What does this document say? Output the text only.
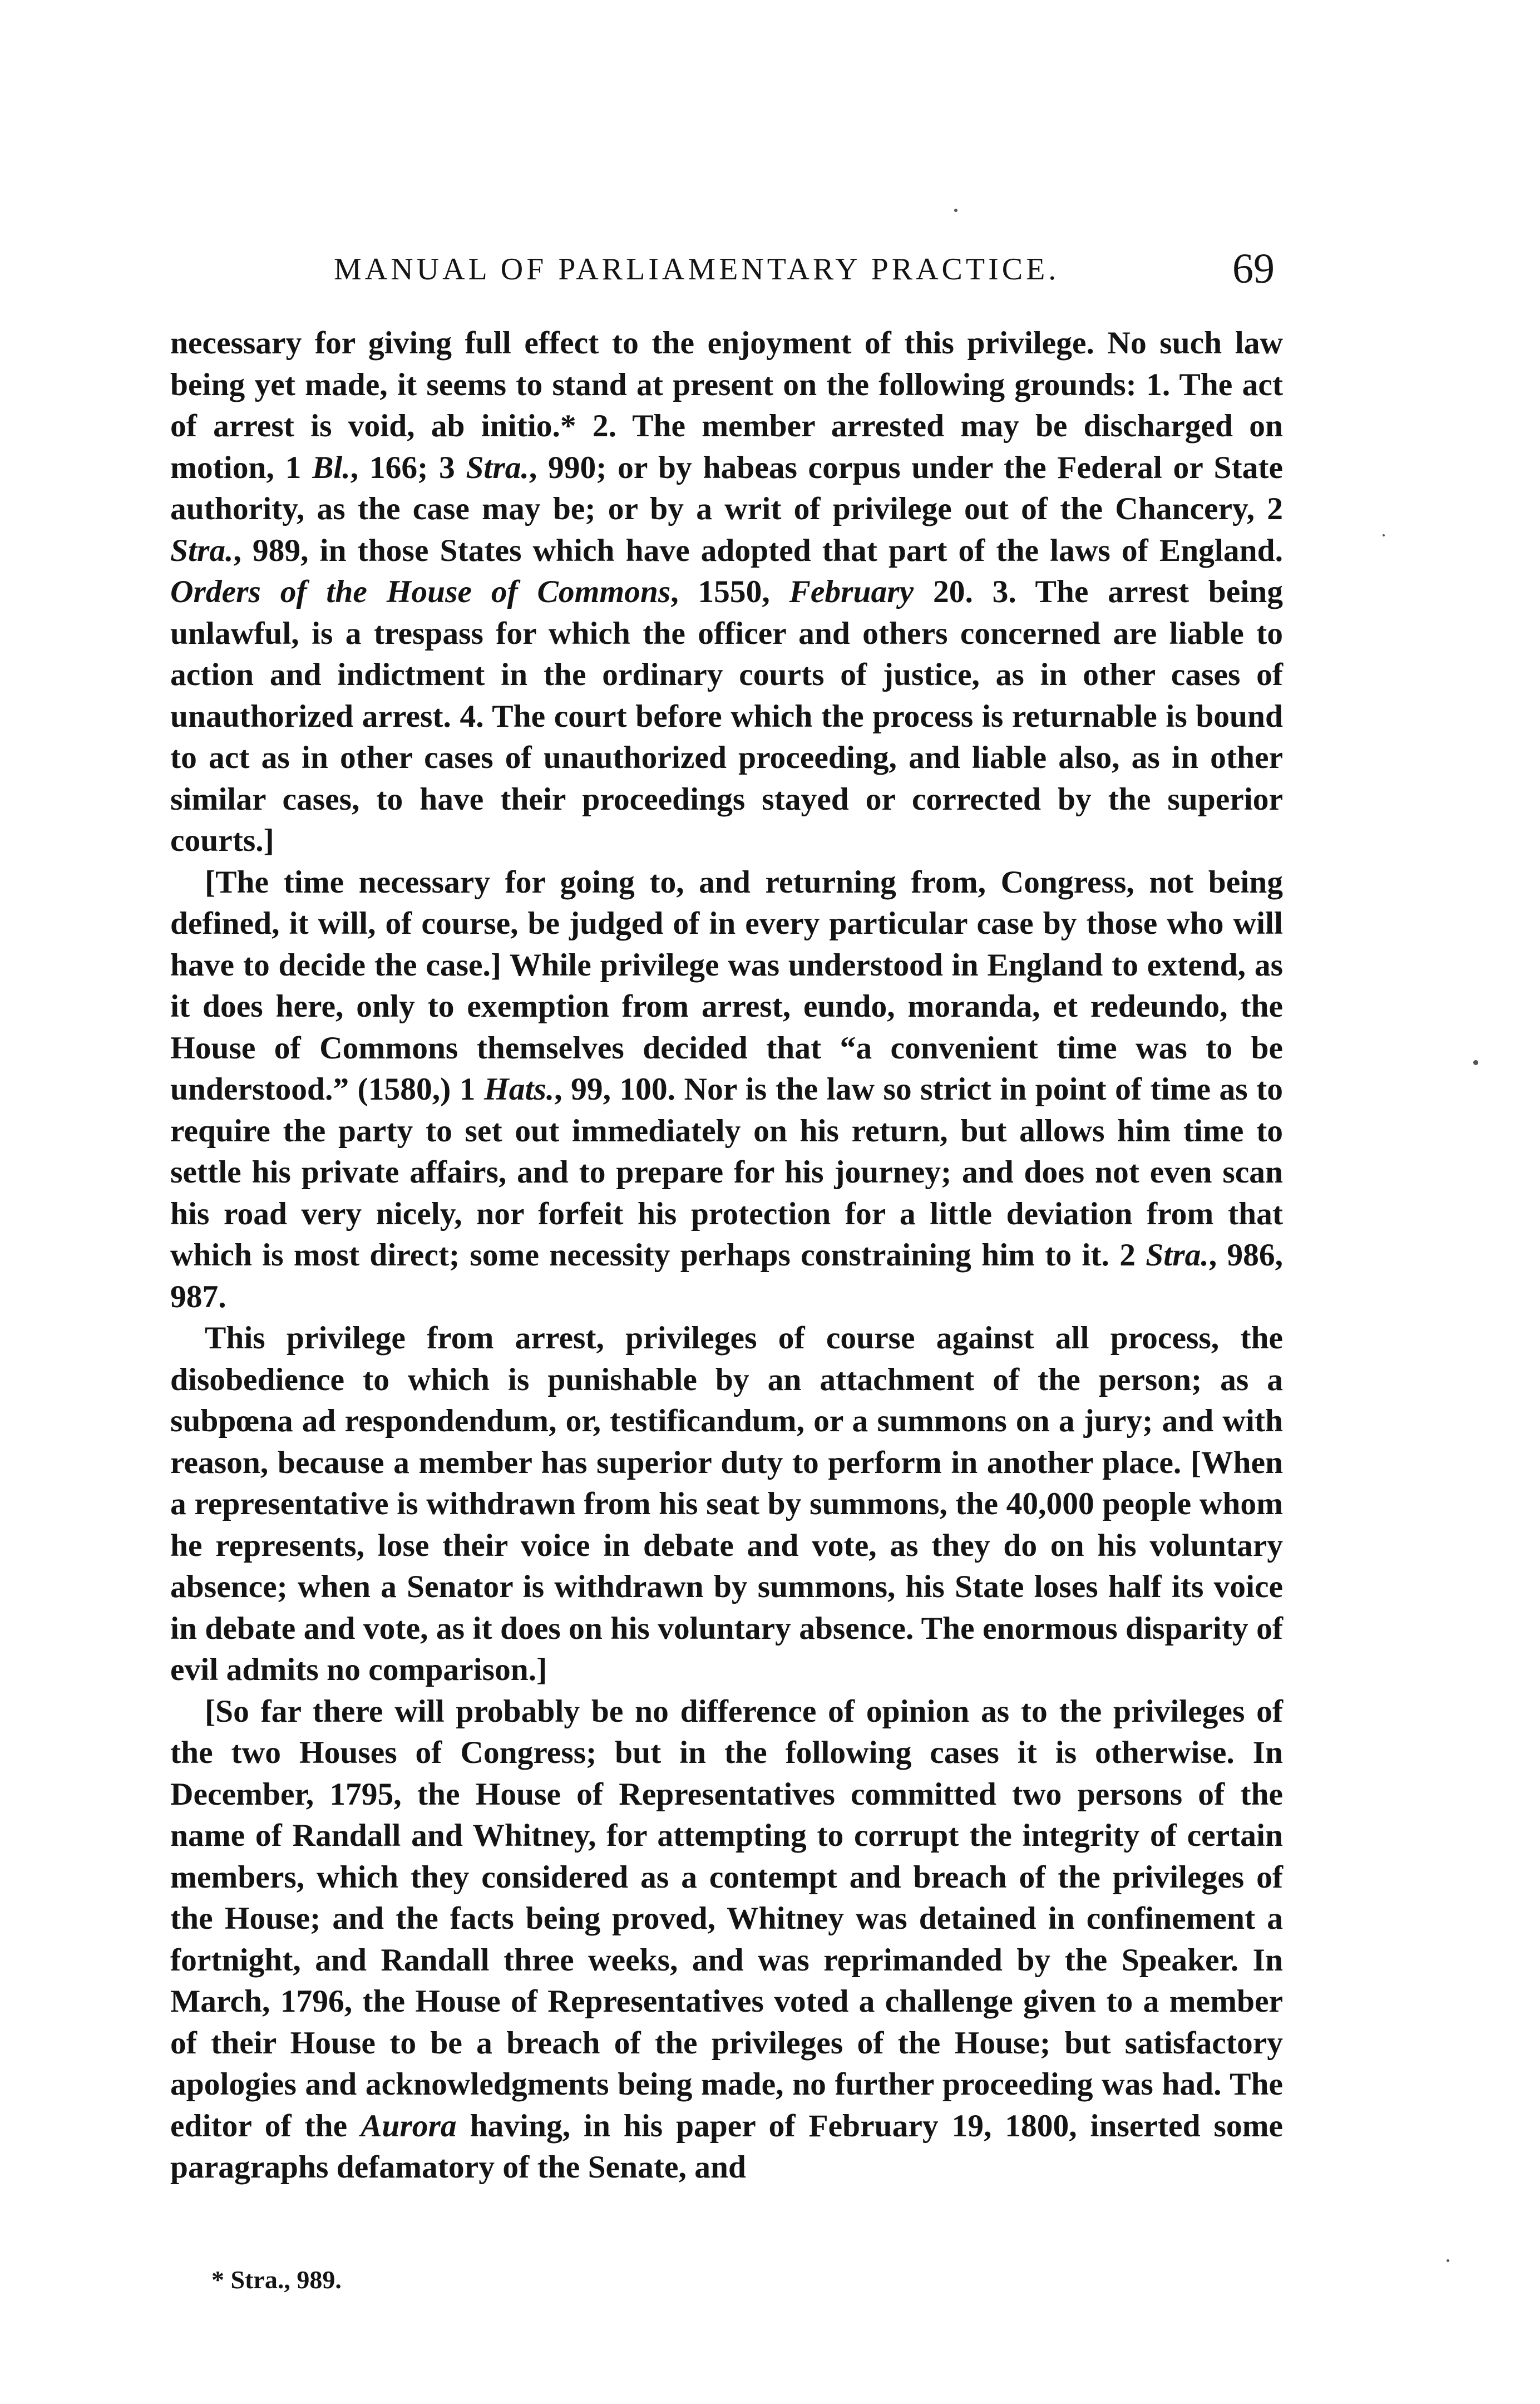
MANUAL OF PARLIAMENTARY PRACTICE.	69

necessary for giving full effect to the enjoyment of this privilege. No such law being yet made, it seems to stand at present on the following grounds: 1. The act of arrest is void, ab initio.* 2. The member arrested may be discharged on motion, 1 Bl., 166; 3 Stra., 990; or by habeas corpus under the Federal or State authority, as the case may be; or by a writ of privilege out of the Chancery, 2 Stra., 989, in those States which have adopted that part of the laws of England. Orders of the House of Commons, 1550, February 20. 3. The arrest being unlawful, is a trespass for which the officer and others concerned are liable to action and indictment in the ordinary courts of justice, as in other cases of unauthorized arrest. 4. The court before which the process is returnable is bound to act as in other cases of unauthorized proceeding, and liable also, as in other similar cases, to have their proceedings stayed or corrected by the superior courts.]

[The time necessary for going to, and returning from, Congress, not being defined, it will, of course, be judged of in every particular case by those who will have to decide the case.] While privilege was understood in England to extend, as it does here, only to exemption from arrest, eundo, moranda, et redeundo, the House of Commons themselves decided that “a convenient time was to be understood.” (1580,) 1 Hats., 99, 100. Nor is the law so strict in point of time as to require the party to set out immediately on his return, but allows him time to settle his private affairs, and to prepare for his journey; and does not even scan his road very nicely, nor forfeit his protection for a little deviation from that which is most direct; some necessity perhaps constraining him to it. 2 Stra., 986, 987.

This privilege from arrest, privileges of course against all process, the disobedience to which is punishable by an attachment of the person; as a subpœna ad respondendum, or, testificandum, or a summons on a jury; and with reason, because a member has superior duty to perform in another place. [When a representative is withdrawn from his seat by summons, the 40,000 people whom he represents, lose their voice in debate and vote, as they do on his voluntary absence; when a Senator is withdrawn by summons, his State loses half its voice in debate and vote, as it does on his voluntary absence. The enormous disparity of evil admits no comparison.]

[So far there will probably be no difference of opinion as to the privileges of the two Houses of Congress; but in the following cases it is otherwise. In December, 1795, the House of Representatives committed two persons of the name of Randall and Whitney, for attempting to corrupt the integrity of certain members, which they considered as a contempt and breach of the privileges of the House; and the facts being proved, Whitney was detained in confinement a fortnight, and Randall three weeks, and was reprimanded by the Speaker. In March, 1796, the House of Representatives voted a challenge given to a member of their House to be a breach of the privileges of the House; but satisfactory apologies and acknowledgments being made, no further proceeding was had. The editor of the Aurora having, in his paper of February 19, 1800, inserted some paragraphs defamatory of the Senate, and

* Stra., 989.
